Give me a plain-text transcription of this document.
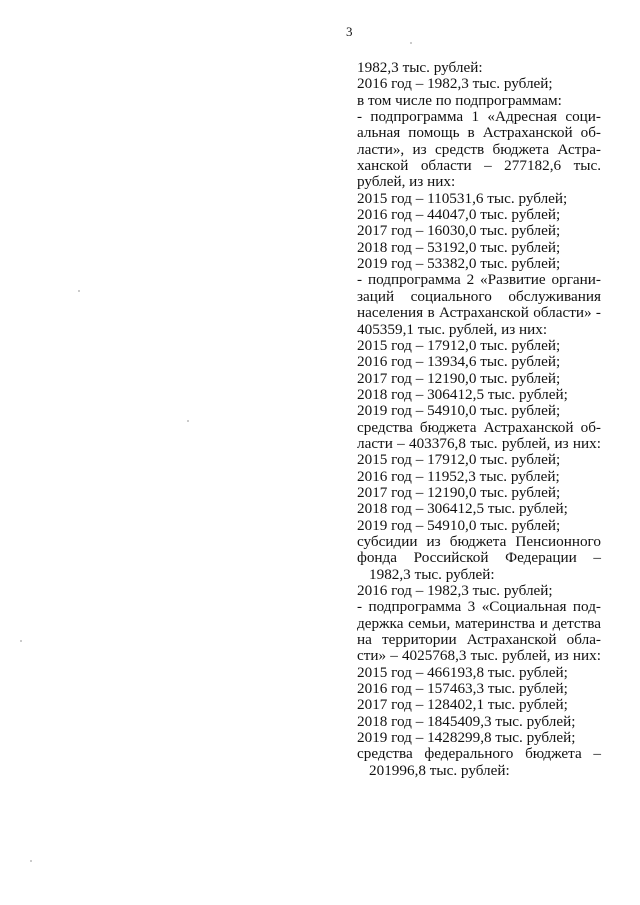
3
1982,3 тыс. рублей:
2016 год – 1982,3 тыс. рублей;
в том числе по подпрограммам:
- подпрограмма 1 «Адресная соци-
альная помощь в Астраханской об-
ласти», из средств бюджета Астра-
ханской области – 277182,6 тыс.
рублей, из них:
2015 год – 110531,6 тыс. рублей;
2016 год – 44047,0 тыс. рублей;
2017 год – 16030,0 тыс. рублей;
2018 год – 53192,0 тыс. рублей;
2019 год – 53382,0 тыс. рублей;
- подпрограмма 2 «Развитие органи-
заций социального обслуживания
населения в Астраханской области» -
405359,1 тыс. рублей, из них:
2015 год – 17912,0 тыс. рублей;
2016 год – 13934,6 тыс. рублей;
2017 год – 12190,0 тыс. рублей;
2018 год – 306412,5 тыс. рублей;
2019 год – 54910,0 тыс. рублей;
средства бюджета Астраханской об-
ласти – 403376,8 тыс. рублей, из них:
2015 год – 17912,0 тыс. рублей;
2016 год – 11952,3 тыс. рублей;
2017 год – 12190,0 тыс. рублей;
2018 год – 306412,5 тыс. рублей;
2019 год – 54910,0 тыс. рублей;
субсидии из бюджета Пенсионного
фонда Российской Федерации –
1982,3 тыс. рублей:
2016 год – 1982,3 тыс. рублей;
- подпрограмма 3 «Социальная под-
держка семьи, материнства и детства
на территории Астраханской обла-
сти» – 4025768,3 тыс. рублей, из них:
2015 год – 466193,8 тыс. рублей;
2016 год – 157463,3 тыс. рублей;
2017 год – 128402,1 тыс. рублей;
2018 год – 1845409,3 тыс. рублей;
2019 год – 1428299,8 тыс. рублей;
средства федерального бюджета –
201996,8 тыс. рублей:
